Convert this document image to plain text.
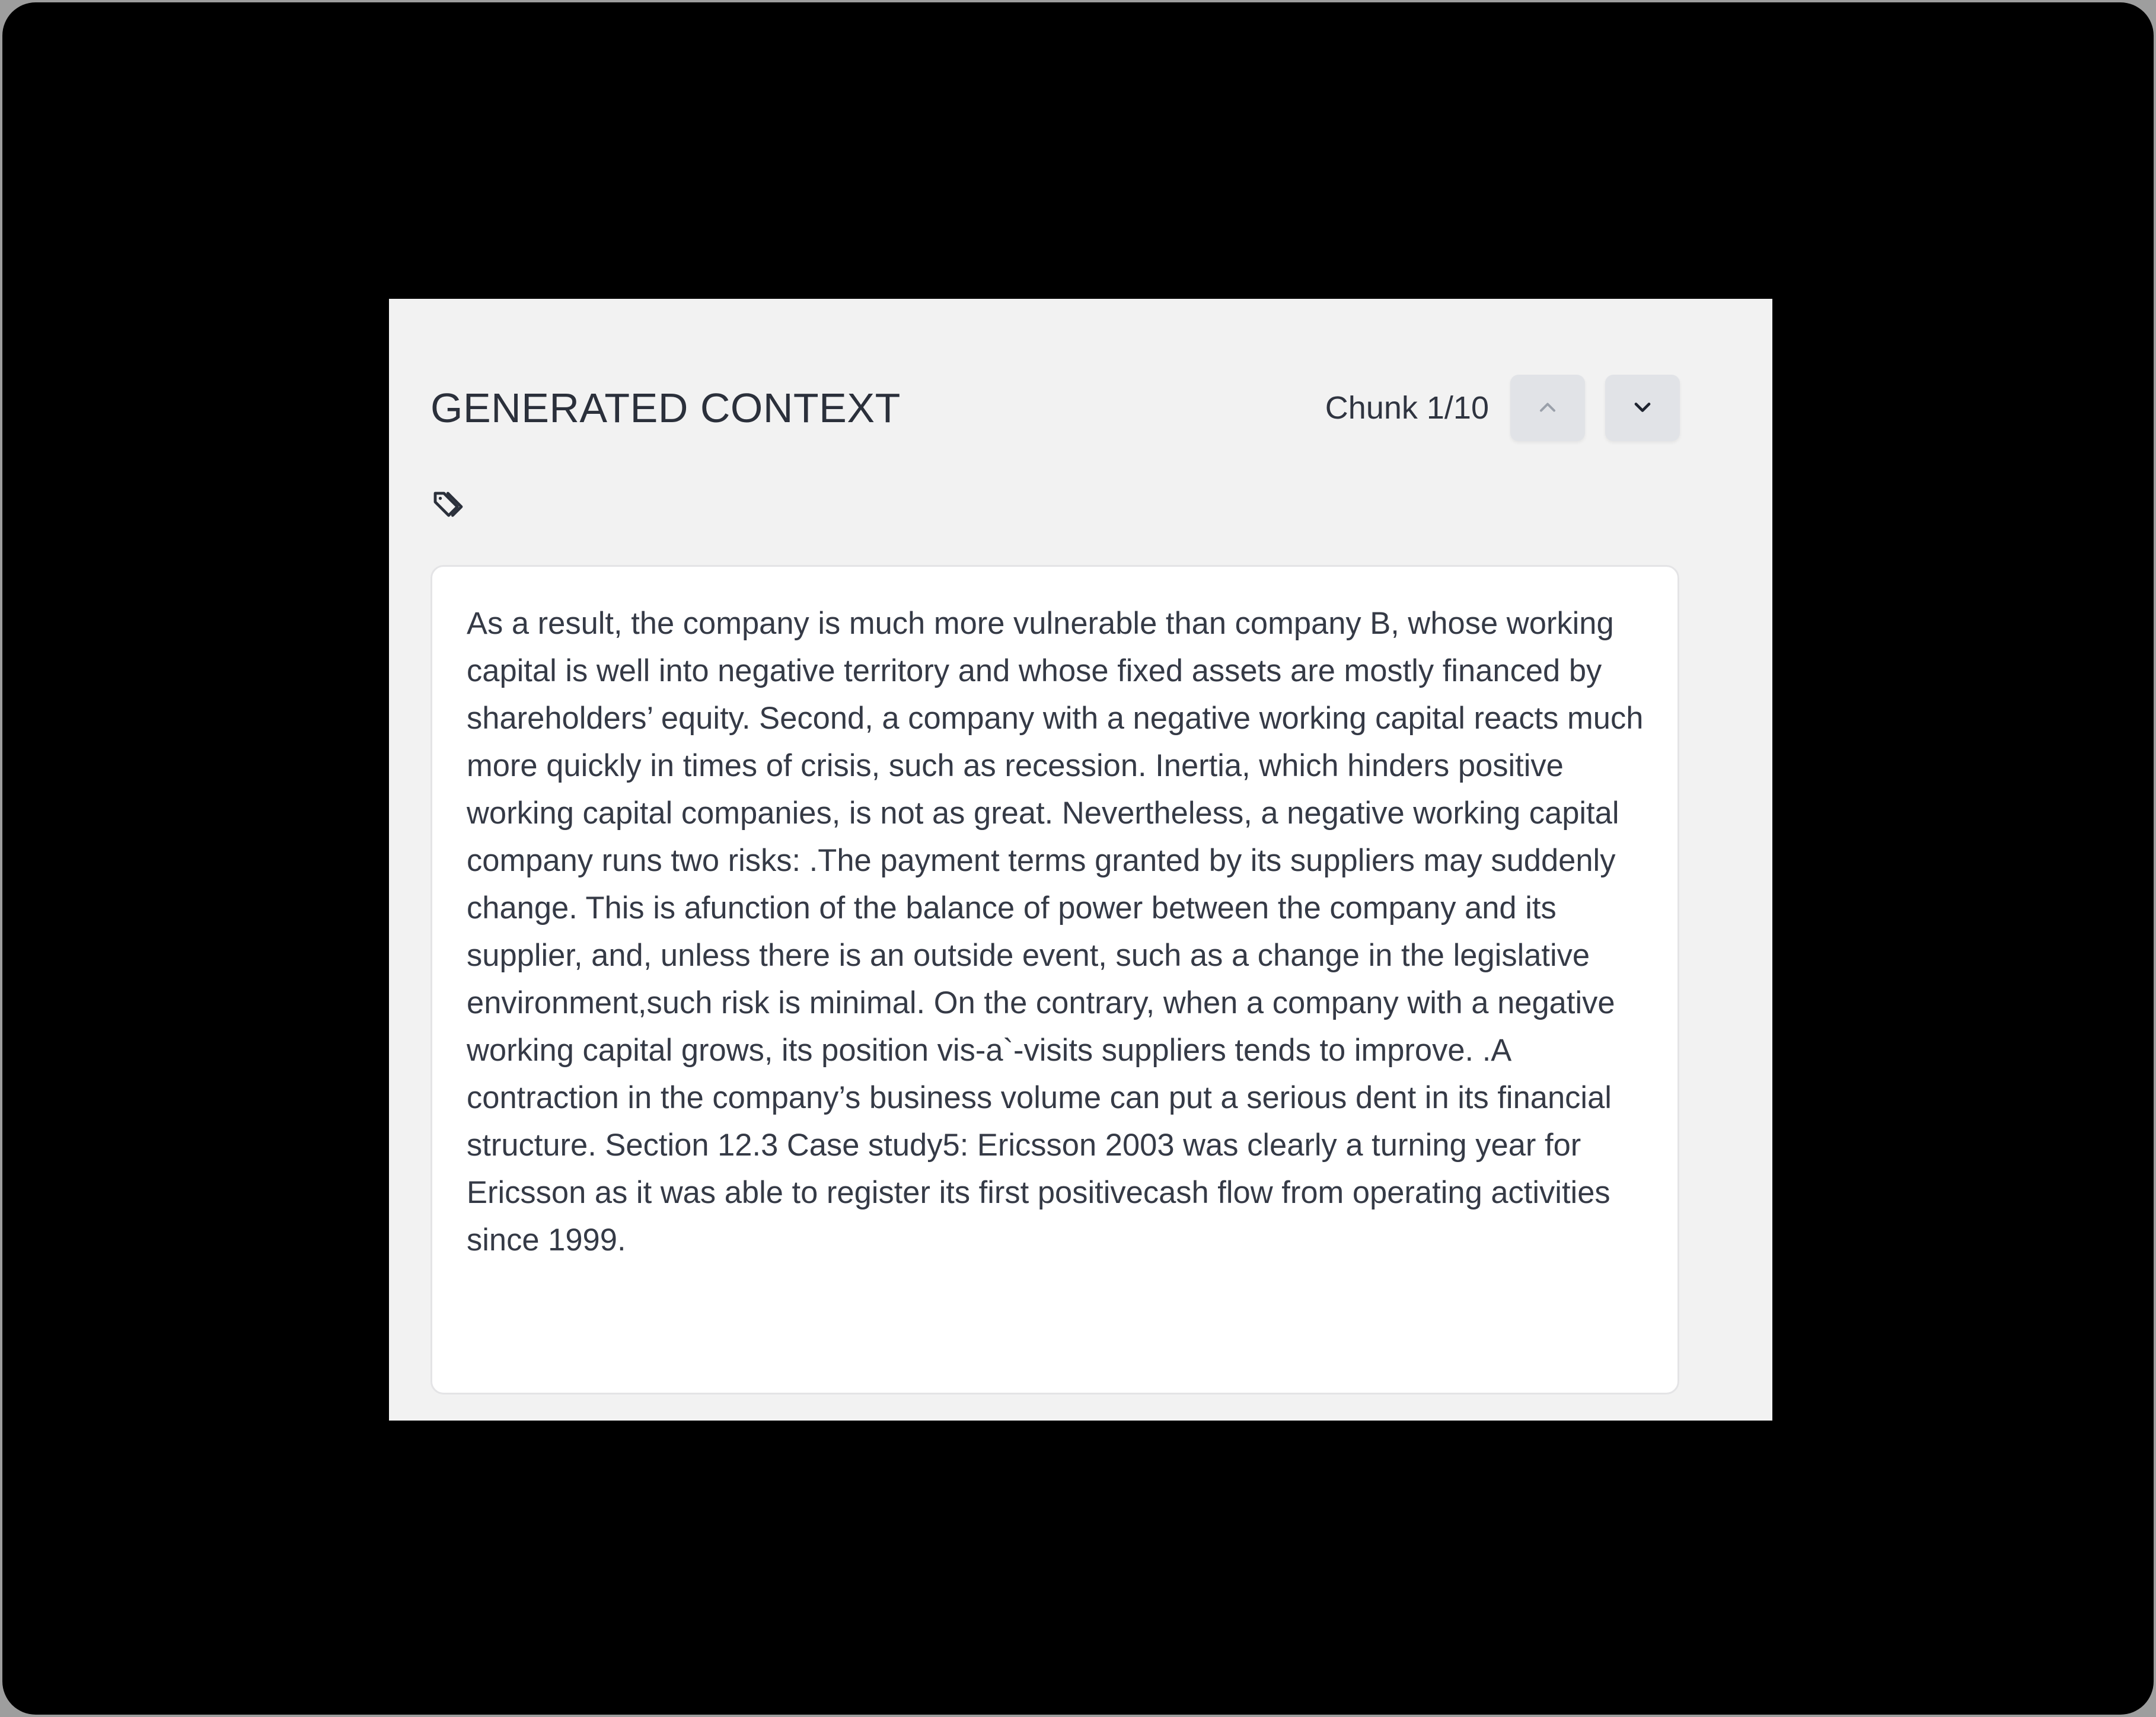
GENERATED CONTEXT	Chunk 1/10

As a result, the company is much more vulnerable than company B, whose working capital is well into negative territory and whose fixed assets are mostly financed by shareholders’ equity. Second, a company with a negative working capital reacts much more quickly in times of crisis, such as recession. Inertia, which hinders positive working capital companies, is not as great. Nevertheless, a negative working capital company runs two risks: .The payment terms granted by its suppliers may suddenly change. This is afunction of the balance of power between the company and its supplier, and, unless there is an outside event, such as a change in the legislative environment,such risk is minimal. On the contrary, when a company with a negative working capital grows, its position vis-a`-visits suppliers tends to improve. .A contraction in the company’s business volume can put a serious dent in its financial structure. Section 12.3 Case study5: Ericsson 2003 was clearly a turning year for Ericsson as it was able to register its first positivecash flow from operating activities since 1999.
